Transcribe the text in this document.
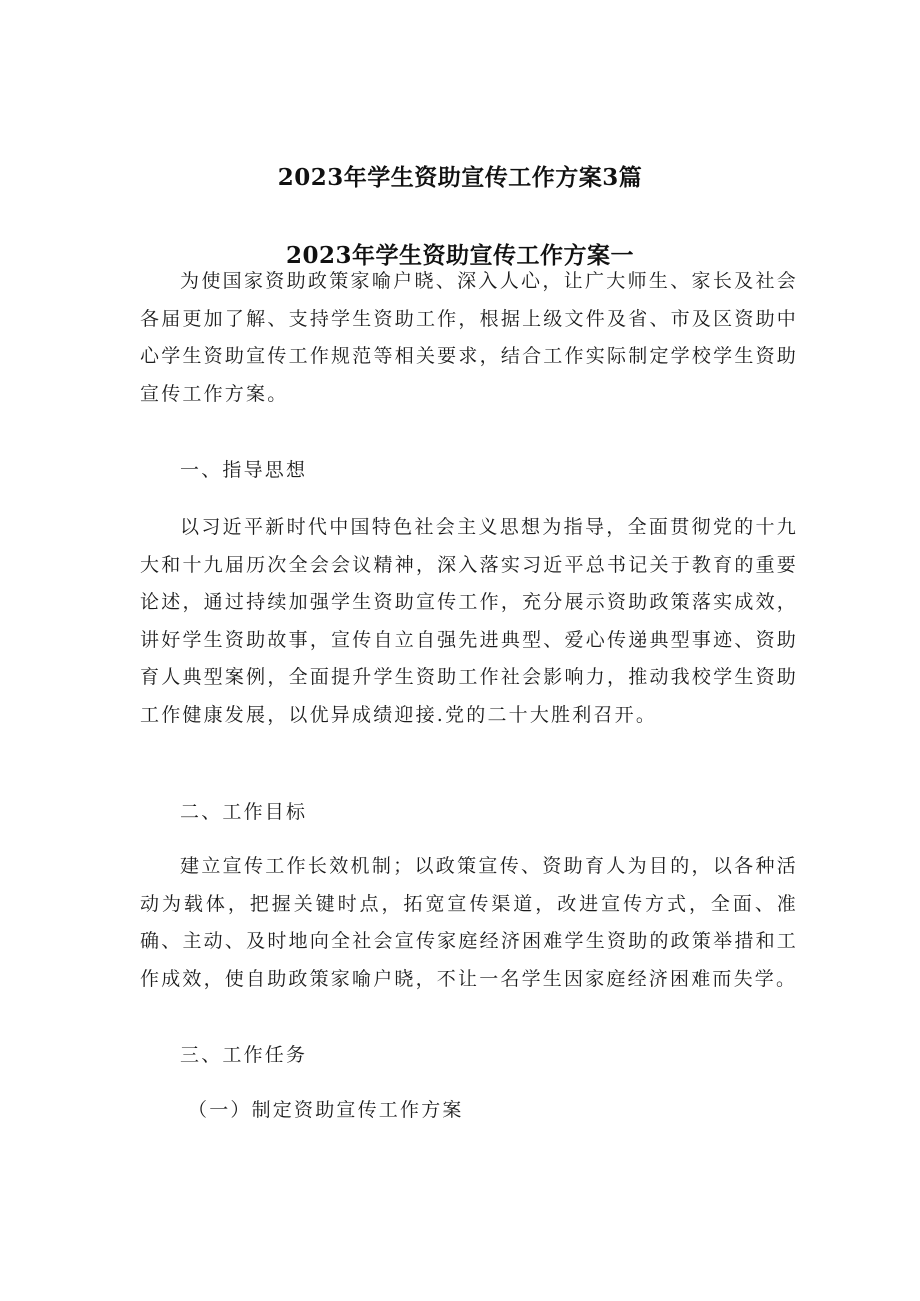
2023年学生资助宣传工作方案3篇
2023年学生资助宣传工作方案一

为使国家资助政策家喻户晓、深入人心，让广大师生、家长及社会各届更加了解、支持学生资助工作，根据上级文件及省、市及区资助中心学生资助宣传工作规范等相关要求，结合工作实际制定学校学生资助宣传工作方案。

一、指导思想

以习近平新时代中国特色社会主义思想为指导，全面贯彻党的十九大和十九届历次全会会议精神，深入落实习近平总书记关于教育的重要论述，通过持续加强学生资助宣传工作，充分展示资助政策落实成效，讲好学生资助故事，宣传自立自强先进典型、爱心传递典型事迹、资助育人典型案例，全面提升学生资助工作社会影响力，推动我校学生资助工作健康发展，以优异成绩迎接.党的二十大胜利召开。

二、工作目标

建立宣传工作长效机制；以政策宣传、资助育人为目的，以各种活动为载体，把握关键时点，拓宽宣传渠道，改进宣传方式，全面、准确、主动、及时地向全社会宣传家庭经济困难学生资助的政策举措和工作成效，使自助政策家喻户晓，不让一名学生因家庭经济困难而失学。

三、工作任务

（一）制定资助宣传工作方案
